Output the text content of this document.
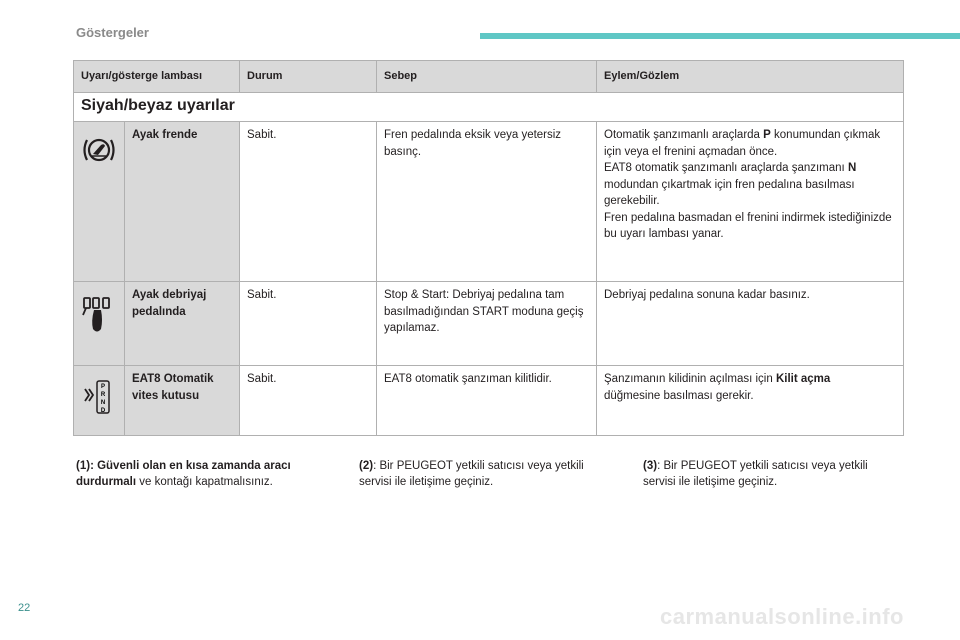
Göstergeler
Uyarı/gösterge lambası		Durum	Sebep	Eylem/Gözlem
Siyah/beyaz uyarılar				

	Ayak frende	Sabit.	Fren pedalında eksik veya yetersiz basınç.	Otomatik şanzımanlı araçlarda P konumundan çıkmak için veya el frenini açmadan önce.
EAT8 otomatik şanzımanlı araçlarda şanzımanı N modundan çıkartmak için fren pedalına basılması gerekebilir.
Fren pedalına basmadan el frenini indirmek istediğinizde bu uyarı lambası yanar.

	Ayak debriyaj pedalında	Sabit.	Stop & Start: Debriyaj pedalına tam basılmadığından START moduna geçiş yapılamaz.	Debriyaj pedalına sonuna kadar basınız.

P
R
N
D	EAT8 Otomatik vites kutusu	Sabit.	EAT8 otomatik şanzıman kilitlidir.	Şanzımanın kilidinin açılması için Kilit açma
düğmesine basılması gerekir.
(1): Güvenli olan en kısa zamanda aracı durdurmalı ve kontağı kapatmalısınız.
(2): Bir PEUGEOT yetkili satıcısı veya yetkili servisi ile iletişime geçiniz.
(3): Bir PEUGEOT yetkili satıcısı veya yetkili servisi ile iletişime geçiniz.
22	carmanualsonline.info
